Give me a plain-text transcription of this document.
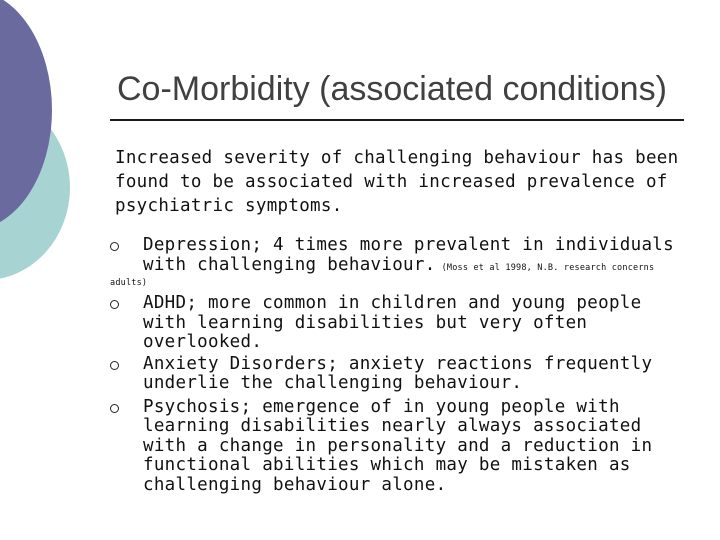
Co-Morbidity (associated conditions)
Increased severity of challenging behaviour has been found to be associated with increased prevalence of psychiatric symptoms.
Depression; 4 times more prevalent in individuals with challenging behaviour. (Moss et al 1998, N.B. research concerns
adults)
ADHD; more common in children and young people with learning disabilities but very often overlooked.
Anxiety Disorders; anxiety reactions frequently underlie the challenging behaviour.
Psychosis; emergence of in young people with learning disabilities nearly always associated with a change in personality and a reduction in functional abilities which may be mistaken as challenging behaviour alone.
